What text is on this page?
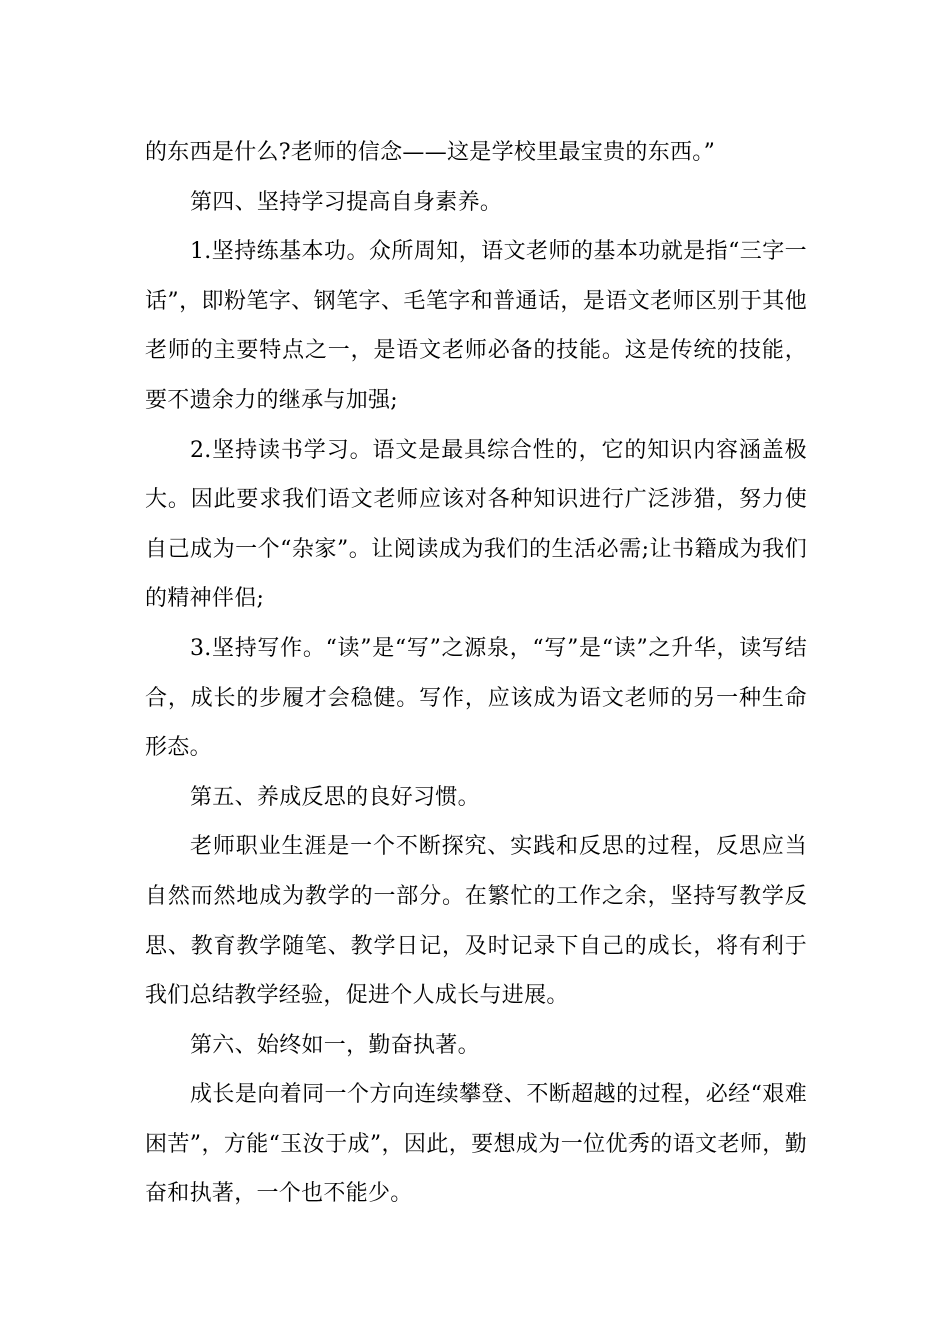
的东西是什么?老师的信念——这是学校里最宝贵的东西。”

第四、坚持学习提高自身素养。

1.坚持练基本功。众所周知，语文老师的基本功就是指“三字一话”，即粉笔字、钢笔字、毛笔字和普通话，是语文老师区别于其他老师的主要特点之一，是语文老师必备的技能。这是传统的技能，要不遗余力的继承与加强;

2.坚持读书学习。语文是最具综合性的，它的知识内容涵盖极大。因此要求我们语文老师应该对各种知识进行广泛涉猎，努力使自己成为一个“杂家”。让阅读成为我们的生活必需;让书籍成为我们的精神伴侣;

3.坚持写作。“读”是“写”之源泉，“写”是“读”之升华，读写结合，成长的步履才会稳健。写作，应该成为语文老师的另一种生命形态。

第五、养成反思的良好习惯。

老师职业生涯是一个不断探究、实践和反思的过程，反思应当自然而然地成为教学的一部分。在繁忙的工作之余，坚持写教学反思、教育教学随笔、教学日记，及时记录下自己的成长，将有利于我们总结教学经验，促进个人成长与进展。

第六、始终如一，勤奋执著。

成长是向着同一个方向连续攀登、不断超越的过程，必经“艰难困苦”，方能“玉汝于成”，因此，要想成为一位优秀的语文老师，勤奋和执著，一个也不能少。
